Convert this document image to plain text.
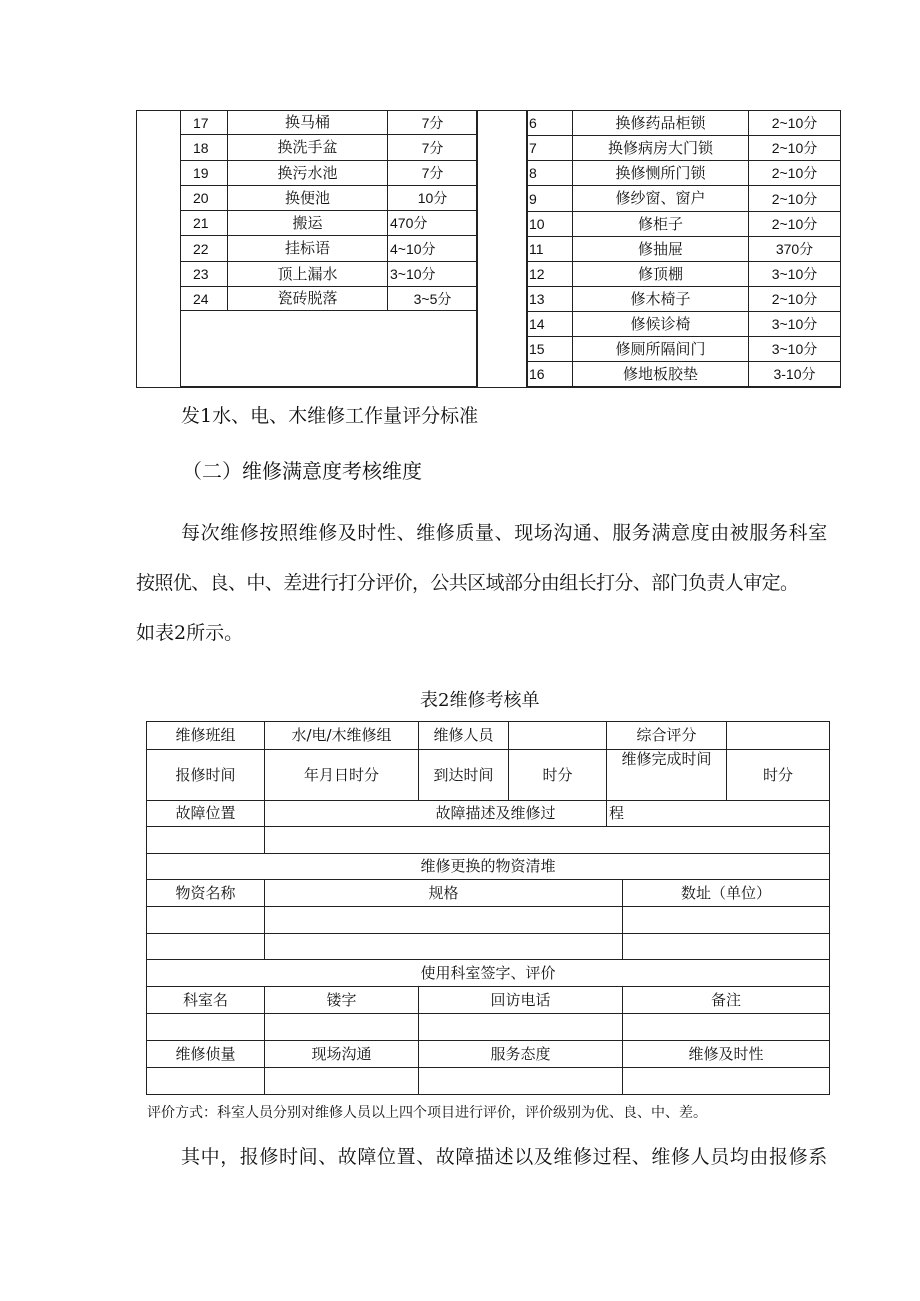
17	换马桶	7分
18	换洗手盆	7分
19	换污水池	7分
20	换便池	10分
21	搬运	470分
22	挂标语	4~10分
23	顶上漏水	3~10分
24	瓷砖脱落	3~5分

6	换修药品柜锁	2~10分
7	换修病房大门锁	2~10分
8	换修恻所门锁	2~10分
9	修纱窗、窗户	2~10分
10	修柜子	2~10分
11	修抽屉	370分
12	修顶棚	3~10分
13	修木椅子	2~10分
14	修候诊椅	3~10分
15	修厕所隔间门	3~10分
16	修地板胶垫	3-10分
发1水、电、木维修工作量评分标准
（二）维修满意度考核维度
每次维修按照维修及时性、维修质量、现场沟通、服务满意度由被服务科室
按照优、良、中、差进行打分评价，公共区域部分由组长打分、部门负责人审定。
如表2所示。
表2维修考核单
维修班组	水/电/木维修组	维修人员		综合评分	
报修时间	年月日时分	到达时间	时分	维修完成时间	时分
故障位置	故障描述及维修过			程	

维修更换的物资清堆					
物资名称	规格		数址（单位）

使用科室签字、评价			
科室名	镂字	回访电话	备注

维修侦量	现场沟通	服务态度	维修及时性

评价方式：科室人员分别对维修人员以上四个项目进行评价，评价级别为优、良、中、差。
其中，报修时间、故障位置、故障描述以及维修过程、维修人员均由报修系
